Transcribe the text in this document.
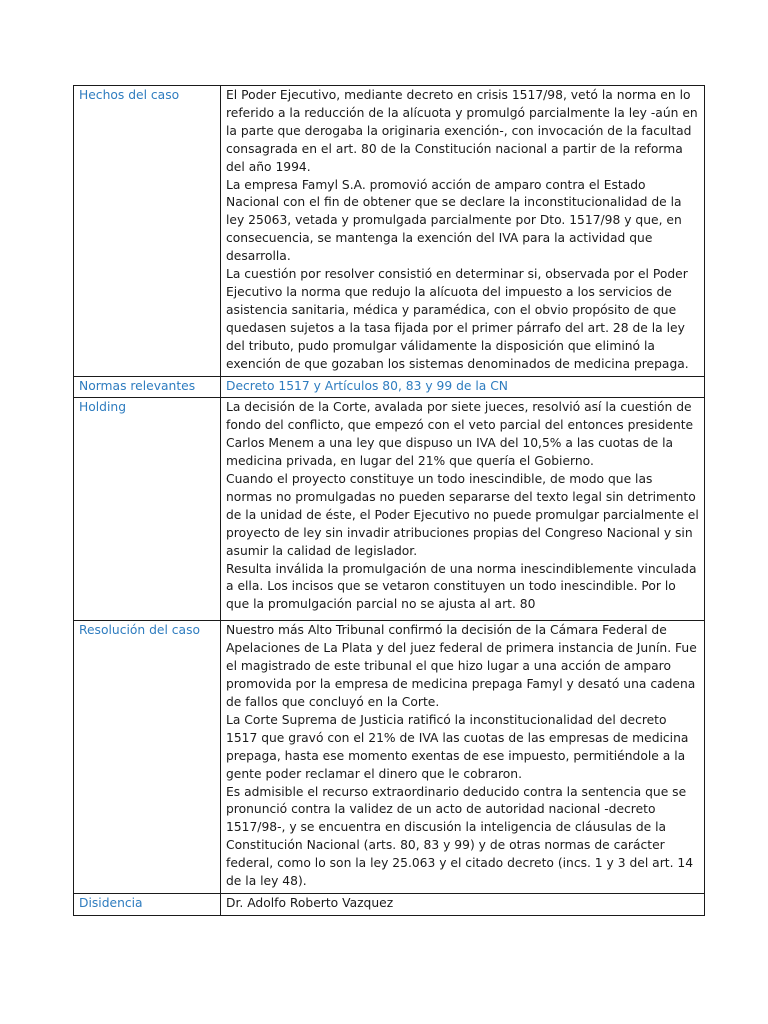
Hechos del caso	El Poder Ejecutivo, mediante decreto en crisis 1517/98, vetó la norma en lo referido a la reducción de la alícuota y promulgó parcialmente la ley -aún en la parte que derogaba la originaria exención-, con invocación de la facultad consagrada en el art. 80 de la Constitución nacional a partir de la reforma del año 1994.
La empresa Famyl S.A. promovió acción de amparo contra el Estado Nacional con el fin de obtener que se declare la inconstitucionalidad de la ley 25063, vetada y promulgada parcialmente por Dto. 1517/98 y que, en consecuencia, se mantenga la exención del IVA para la actividad que desarrolla.
La cuestión por resolver consistió en determinar si, observada por el Poder Ejecutivo la norma que redujo la alícuota del impuesto a los servicios de asistencia sanitaria, médica y paramédica, con el obvio propósito de que quedasen sujetos a la tasa fijada por el primer párrafo del art. 28 de la ley del tributo, pudo promulgar válidamente la disposición que eliminó la exención de que gozaban los sistemas denominados de medicina prepaga.

Normas relevantes	Decreto 1517 y Artículos 80, 83 y 99 de la CN

Holding	La decisión de la Corte, avalada por siete jueces, resolvió así la cuestión de fondo del conflicto, que empezó con el veto parcial del entonces presidente Carlos Menem a una ley que dispuso un IVA del 10,5% a las cuotas de la medicina privada, en lugar del 21% que quería el Gobierno.
Cuando el proyecto constituye un todo inescindible, de modo que las normas no promulgadas no pueden separarse del texto legal sin detrimento de la unidad de éste, el Poder Ejecutivo no puede promulgar parcialmente el proyecto de ley sin invadir atribuciones propias del Congreso Nacional y sin asumir la calidad de legislador.
Resulta inválida la promulgación de una norma inescindiblemente vinculada a ella. Los incisos que se vetaron constituyen un todo inescindible. Por lo que la promulgación parcial no se ajusta al art. 80

Resolución del caso	Nuestro más Alto Tribunal confirmó la decisión de la Cámara Federal de Apelaciones de La Plata y del juez federal de primera instancia de Junín. Fue el magistrado de este tribunal el que hizo lugar a una acción de amparo promovida por la empresa de medicina prepaga Famyl y desató una cadena de fallos que concluyó en la Corte.
La Corte Suprema de Justicia ratificó la inconstitucionalidad del decreto 1517 que gravó con el 21% de IVA las cuotas de las empresas de medicina prepaga, hasta ese momento exentas de ese impuesto, permitiéndole a la gente poder reclamar el dinero que le cobraron.
Es admisible el recurso extraordinario deducido contra la sentencia que se pronunció contra la validez de un acto de autoridad nacional -decreto 1517/98-, y se encuentra en discusión la inteligencia de cláusulas de la Constitución Nacional (arts. 80, 83 y 99) y de otras normas de carácter federal, como lo son la ley 25.063 y el citado decreto (incs. 1 y 3 del art. 14 de la ley 48).

Disidencia	Dr. Adolfo Roberto Vazquez
